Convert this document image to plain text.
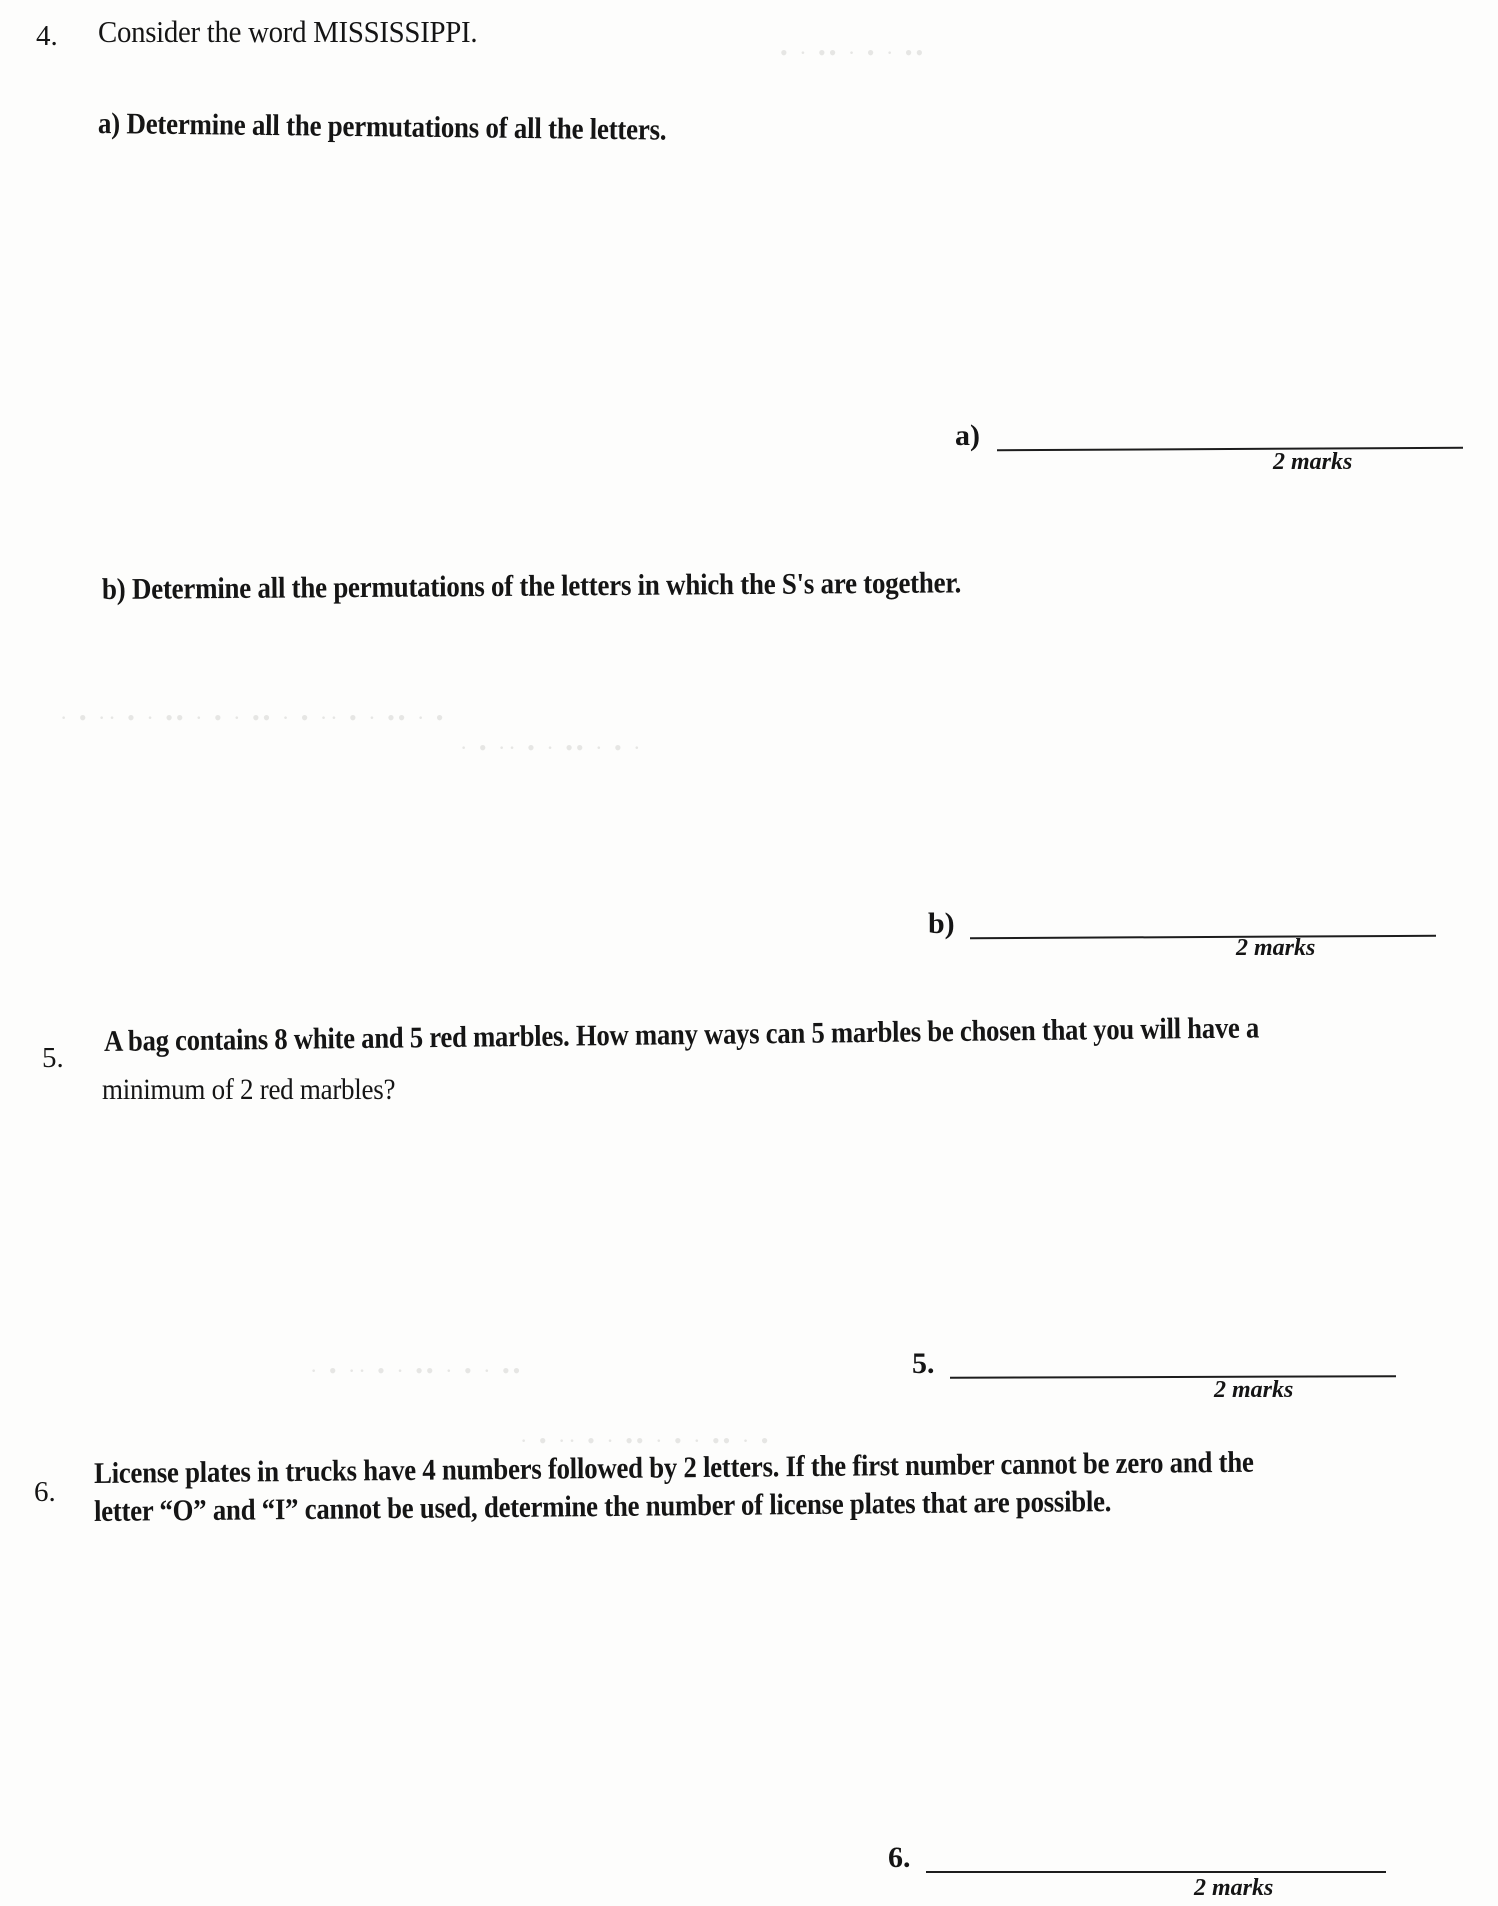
• · •• · • · ••
· • ·· • · •• · • · •• · • ·· • · •• · •
· • ·· • · •• · • ·
· • ·· • · •• · • · ••
· • ·· • · •• · • · •• · •
4. Consider the word MISSISSIPPI.
a) Determine all the permutations of all the letters.
a)
2 marks
b) Determine all the permutations of the letters in which the S's are together.
b)
2 marks
5.
A bag contains 8 white and 5 red marbles. How many ways can 5 marbles be chosen that you will have a
minimum of 2 red marbles?
5.
2 marks
6.
License plates in trucks have 4 numbers followed by 2 letters. If the first number cannot be zero and the
letter “O” and “I” cannot be used, determine the number of license plates that are possible.
6.
2 marks
